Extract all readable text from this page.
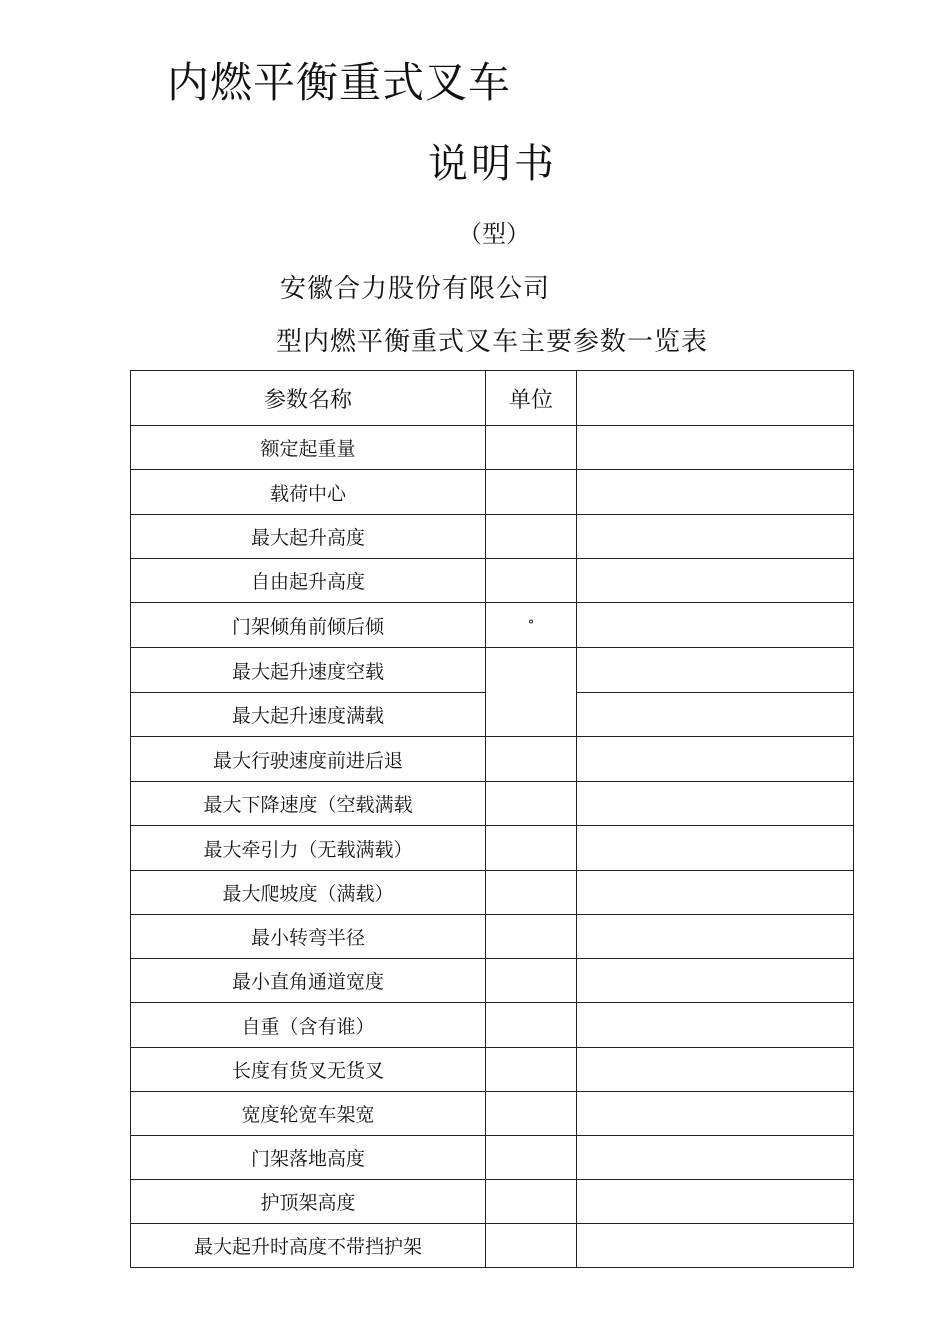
内燃平衡重式叉车
说明书
（型）
安徽合力股份有限公司
型内燃平衡重式叉车主要参数一览表
参数名称	单位	
额定起重量		
载荷中心		
最大起升高度		
自由起升高度		
门架倾角前倾后倾	°	
最大起升速度空载		
最大起升速度满载		
最大行驶速度前进后退		
最大下降速度（空载满载		
最大牵引力（无载满载）		
最大爬坡度（满载）		
最小转弯半径		
最小直角通道宽度		
自重（含有谁）		
长度有货叉无货叉		
宽度轮宽车架宽		
门架落地高度		
护顶架高度		
最大起升时高度不带挡护架		
